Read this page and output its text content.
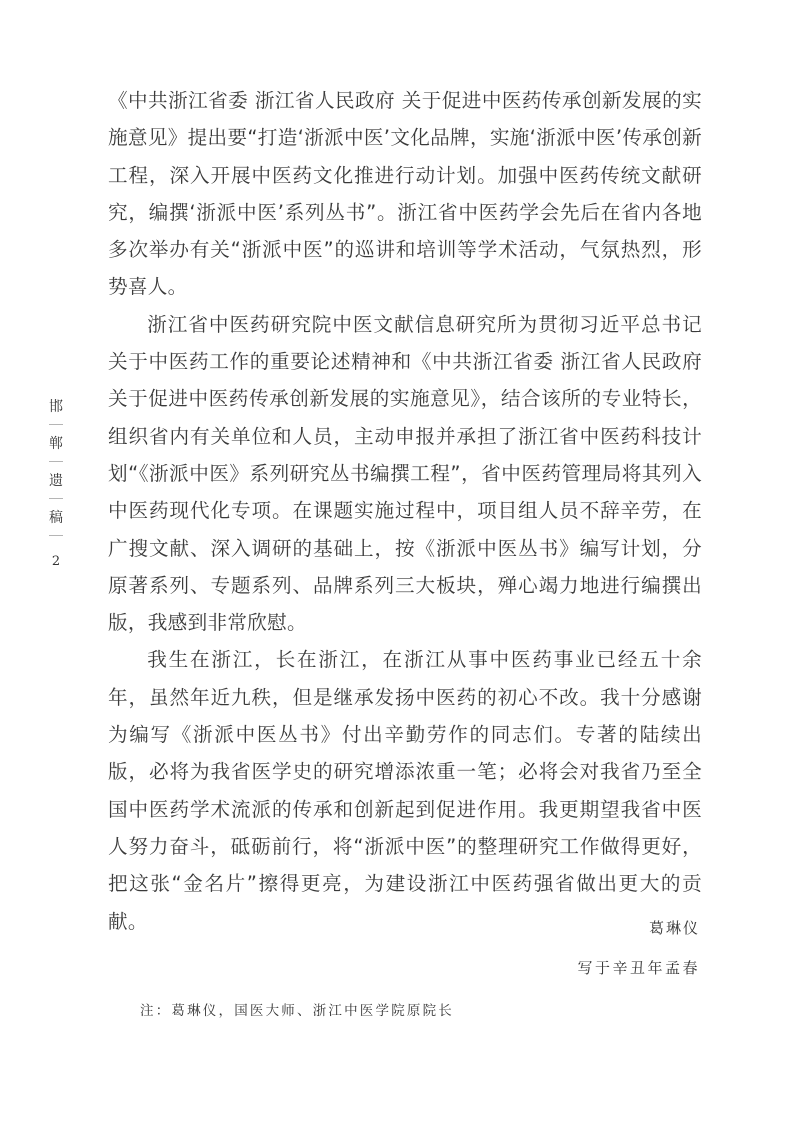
邯
郸
遗
稿
2

《中共浙江省委 浙江省人民政府 关于促进中医药传承创新发展的实施意见》提出要“打造‘浙派中医’文化品牌，实施‘浙派中医’传承创新工程，深入开展中医药文化推进行动计划。加强中医药传统文献研究，编撰‘浙派中医’系列丛书”。浙江省中医药学会先后在省内各地多次举办有关“浙派中医”的巡讲和培训等学术活动，气氛热烈，形势喜人。

浙江省中医药研究院中医文献信息研究所为贯彻习近平总书记关于中医药工作的重要论述精神和《中共浙江省委 浙江省人民政府 关于促进中医药传承创新发展的实施意见》，结合该所的专业特长，组织省内有关单位和人员，主动申报并承担了浙江省中医药科技计划“《浙派中医》系列研究丛书编撰工程”，省中医药管理局将其列入中医药现代化专项。在课题实施过程中，项目组人员不辞辛劳，在广搜文献、深入调研的基础上，按《浙派中医丛书》编写计划，分原著系列、专题系列、品牌系列三大板块，殚心竭力地进行编撰出版，我感到非常欣慰。

我生在浙江，长在浙江，在浙江从事中医药事业已经五十余年，虽然年近九秩，但是继承发扬中医药的初心不改。我十分感谢为编写《浙派中医丛书》付出辛勤劳作的同志们。专著的陆续出版，必将为我省医学史的研究增添浓重一笔；必将会对我省乃至全国中医药学术流派的传承和创新起到促进作用。我更期望我省中医人努力奋斗，砥砺前行，将“浙派中医”的整理研究工作做得更好，把这张“金名片”擦得更亮，为建设浙江中医药强省做出更大的贡献。	葛琳仪
写于辛丑年孟春
注：葛琳仪，国医大师、浙江中医学院原院长
